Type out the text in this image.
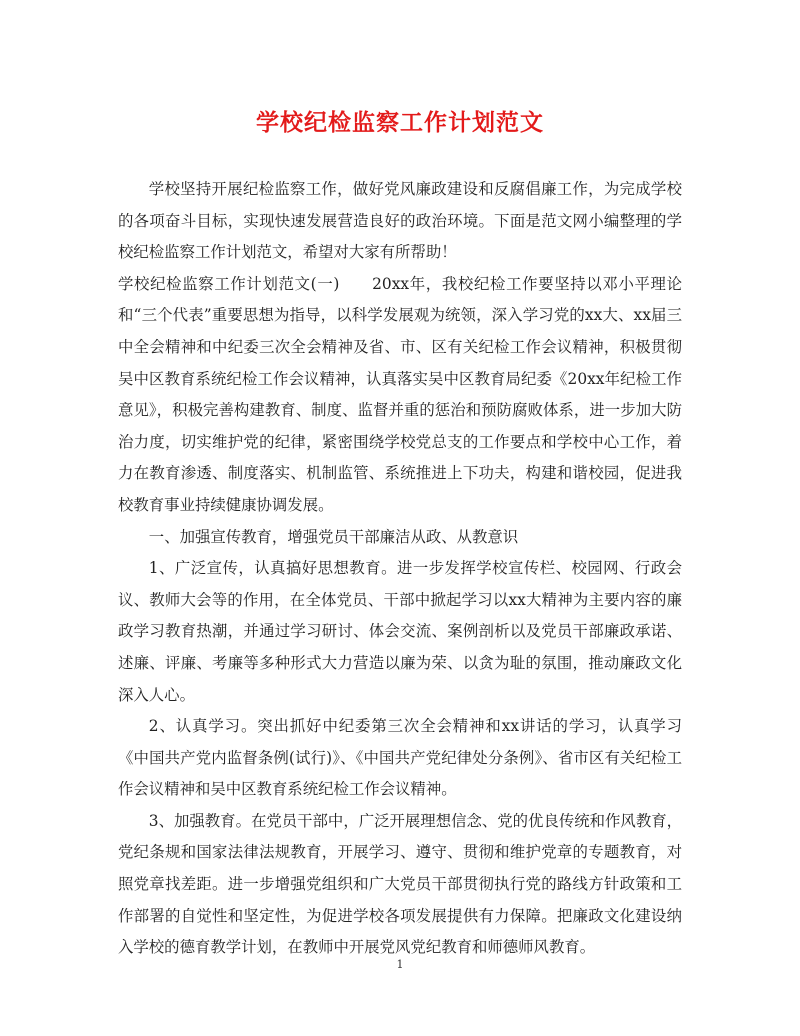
学校纪检监察工作计划范文

学校坚持开展纪检监察工作，做好党风廉政建设和反腐倡廉工作，为完成学校的各项奋斗目标，实现快速发展营造良好的政治环境。下面是范文网小编整理的学校纪检监察工作计划范文，希望对大家有所帮助！

学校纪检监察工作计划范文(一)　　20xx年，我校纪检工作要坚持以邓小平理论和“三个代表”重要思想为指导，以科学发展观为统领，深入学习党的xx大、xx届三中全会精神和中纪委三次全会精神及省、市、区有关纪检工作会议精神，积极贯彻吴中区教育系统纪检工作会议精神，认真落实吴中区教育局纪委《20xx年纪检工作意见》，积极完善构建教育、制度、监督并重的惩治和预防腐败体系，进一步加大防治力度，切实维护党的纪律，紧密围绕学校党总支的工作要点和学校中心工作，着力在教育渗透、制度落实、机制监管、系统推进上下功夫，构建和谐校园，促进我校教育事业持续健康协调发展。

一、加强宣传教育，增强党员干部廉洁从政、从教意识

1、广泛宣传，认真搞好思想教育。进一步发挥学校宣传栏、校园网、行政会议、教师大会等的作用，在全体党员、干部中掀起学习以xx大精神为主要内容的廉政学习教育热潮，并通过学习研讨、体会交流、案例剖析以及党员干部廉政承诺、述廉、评廉、考廉等多种形式大力营造以廉为荣、以贪为耻的氛围，推动廉政文化深入人心。

2、认真学习。突出抓好中纪委第三次全会精神和xx讲话的学习，认真学习《中国共产党内监督条例(试行)》、《中国共产党纪律处分条例》、省市区有关纪检工作会议精神和吴中区教育系统纪检工作会议精神。

3、加强教育。在党员干部中，广泛开展理想信念、党的优良传统和作风教育，党纪条规和国家法律法规教育，开展学习、遵守、贯彻和维护党章的专题教育，对照党章找差距。进一步增强党组织和广大党员干部贯彻执行党的路线方针政策和工作部署的自觉性和坚定性，为促进学校各项发展提供有力保障。把廉政文化建设纳入学校的德育教学计划，在教师中开展党风党纪教育和师德师风教育。

1
